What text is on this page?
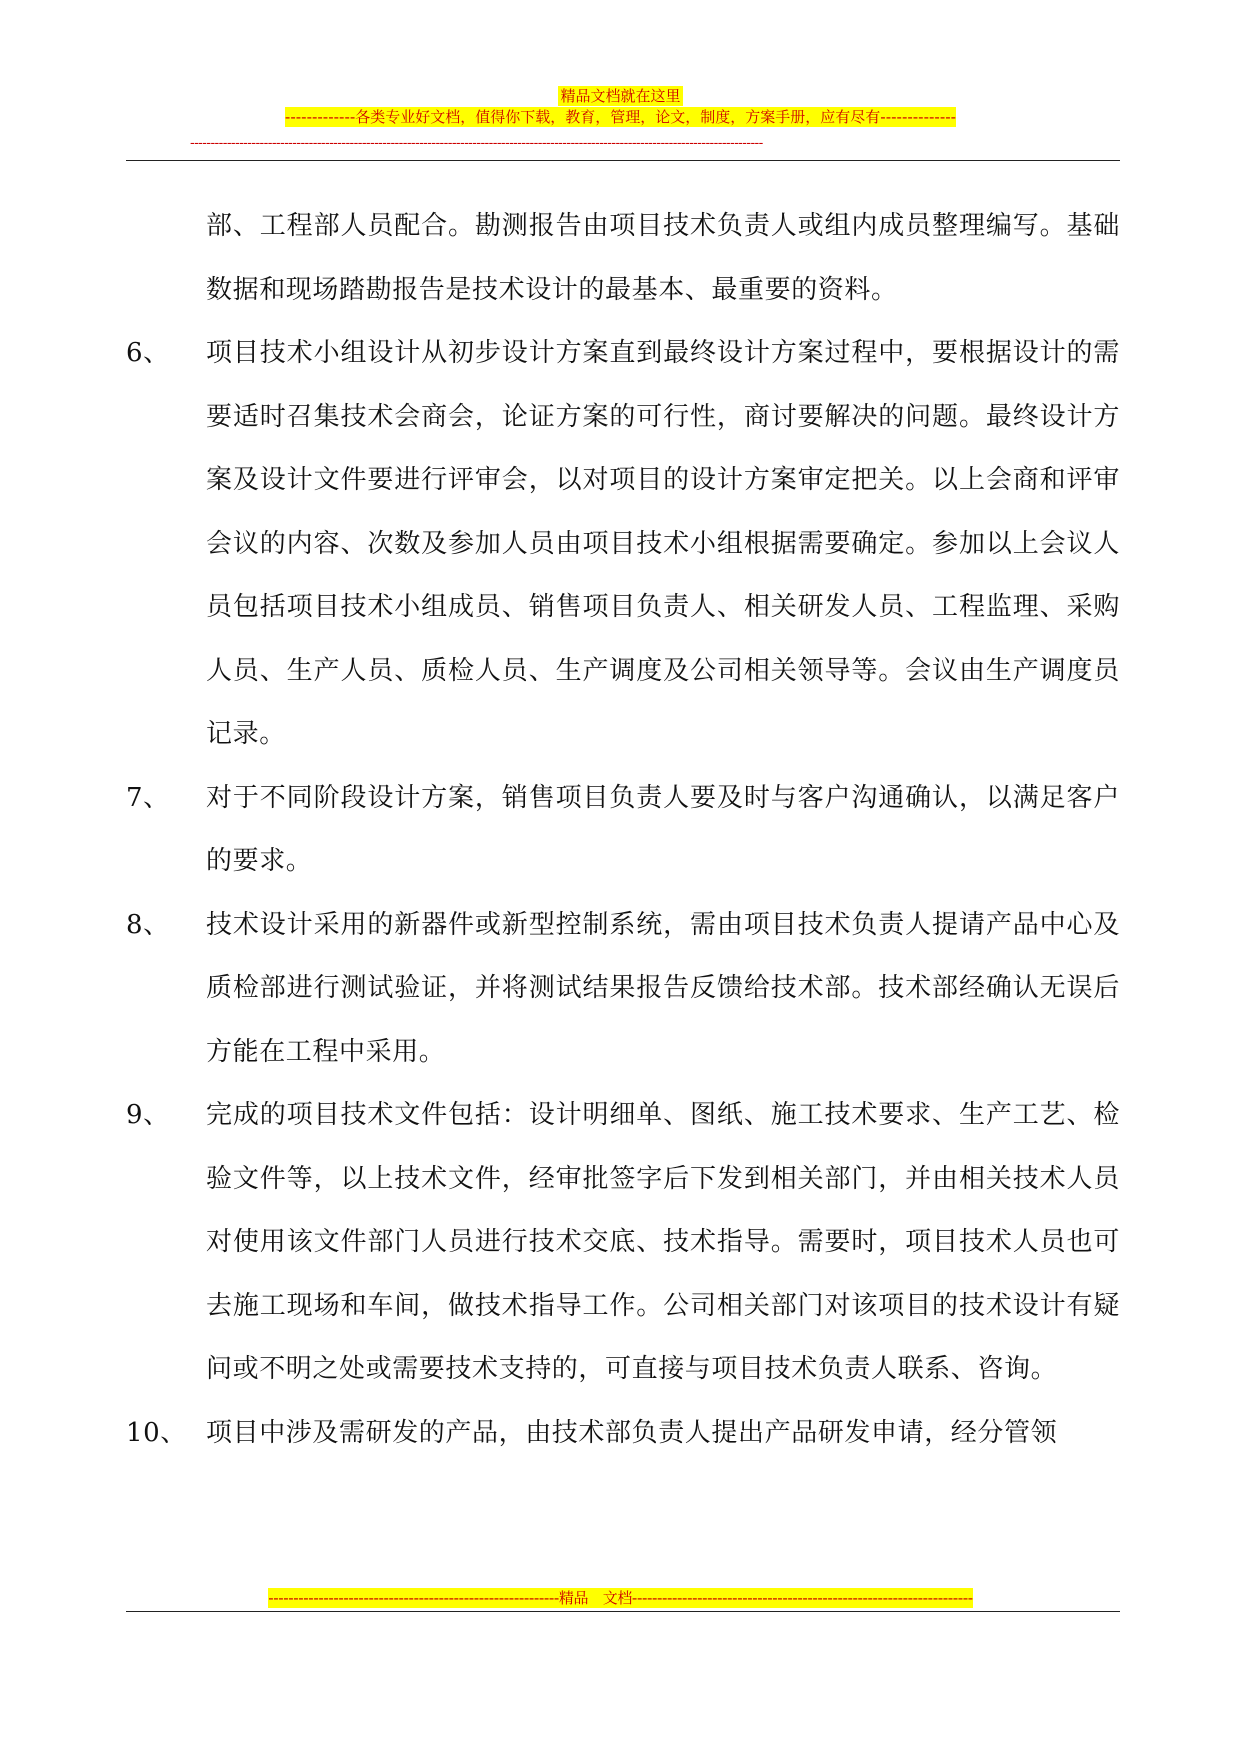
精品文档就在这里
-------------各类专业好文档，值得你下载，教育，管理，论文，制度，方案手册，应有尽有--------------
--------------------------------------------------------------------------------------------------------------------------------------------
部、工程部人员配合。勘测报告由项目技术负责人或组内成员整理编写。基础数据和现场踏勘报告是技术设计的最基本、最重要的资料。
6、	项目技术小组设计从初步设计方案直到最终设计方案过程中，要根据设计的需要适时召集技术会商会，论证方案的可行性，商讨要解决的问题。最终设计方案及设计文件要进行评审会，以对项目的设计方案审定把关。以上会商和评审会议的内容、次数及参加人员由项目技术小组根据需要确定。参加以上会议人员包括项目技术小组成员、销售项目负责人、相关研发人员、工程监理、采购人员、生产人员、质检人员、生产调度及公司相关领导等。会议由生产调度员记录。
7、	对于不同阶段设计方案，销售项目负责人要及时与客户沟通确认，以满足客户的要求。
8、	技术设计采用的新器件或新型控制系统，需由项目技术负责人提请产品中心及质检部进行测试验证，并将测试结果报告反馈给技术部。技术部经确认无误后方能在工程中采用。
9、	完成的项目技术文件包括：设计明细单、图纸、施工技术要求、生产工艺、检验文件等，以上技术文件，经审批签字后下发到相关部门，并由相关技术人员对使用该文件部门人员进行技术交底、技术指导。需要时，项目技术人员也可去施工现场和车间，做技术指导工作。公司相关部门对该项目的技术设计有疑问或不明之处或需要技术支持的，可直接与项目技术负责人联系、咨询。
10、 项目中涉及需研发的产品，由技术部负责人提出产品研发申请，经分管领
----------------------------------------------------------精品　文档--------------------------------------------------------------------
